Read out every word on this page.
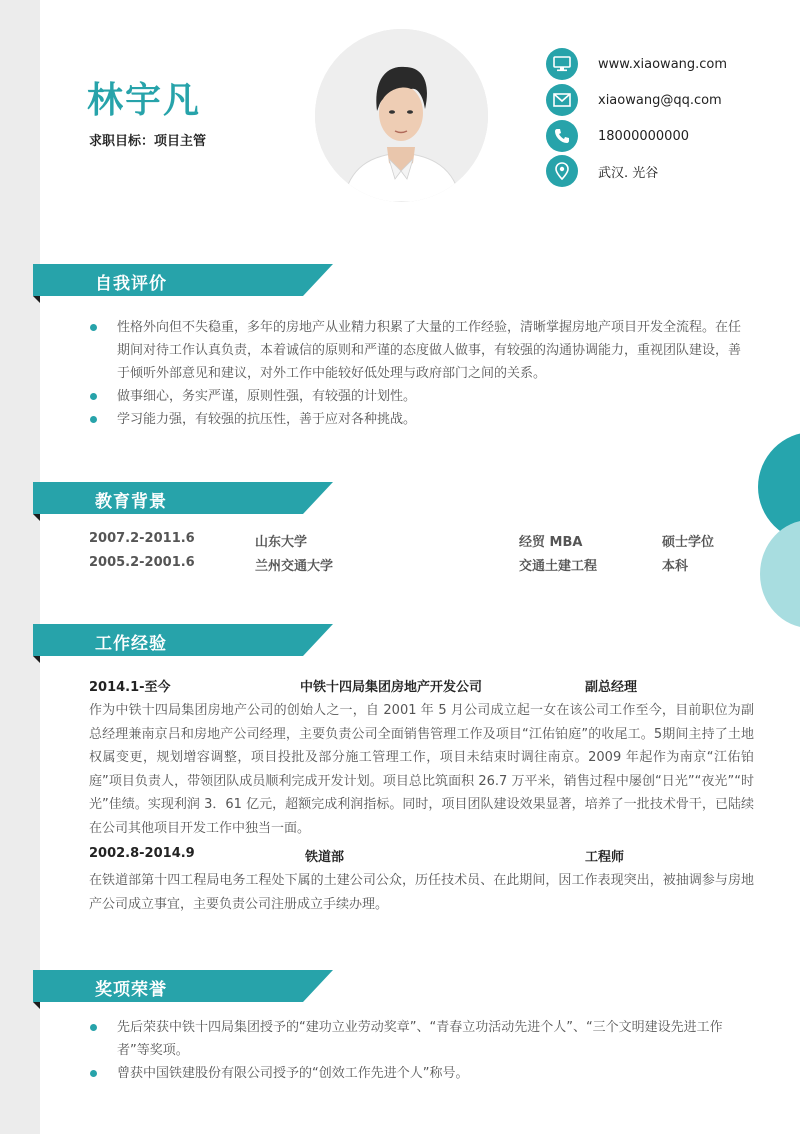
林宇凡
求职目标：项目主管
www.xiaowang.com
xiaowang@qq.com
18000000000
武汉. 光谷
自我评价
性格外向但不失稳重，多年的房地产从业精力积累了大量的工作经验，清晰掌握房地产项目开发全流程。在任期间对待工作认真负责，本着诚信的原则和严谨的态度做人做事，有较强的沟通协调能力，重视团队建设，善于倾听外部意见和建议，对外工作中能较好低处理与政府部门之间的关系。
做事细心，务实严谨，原则性强，有较强的计划性。
学习能力强，有较强的抗压性，善于应对各种挑战。
教育背景
2007.2-2011.6	山东大学	经贸 MBA	硕士学位
2005.2-2001.6	兰州交通大学	交通土建工程	本科
工作经验
2014.1-至今	中铁十四局集团房地产开发公司	副总经理
作为中铁十四局集团房地产公司的创始人之一，自 2001 年 5 月公司成立起一女在该公司工作至今，目前职位为副总经理兼南京吕和房地产公司经理，主要负责公司全面销售管理工作及项目“江佑铂庭”的收尾工。5期间主持了土地权属变更，规划增容调整，项目投批及部分施工管理工作，项目未结束时调往南京。2009 年起作为南京“江佑铂庭”项目负责人，带领团队成员顺利完成开发计划。项目总比筑面积 26.7 万平米，销售过程中屡创“日光”“夜光”“时光”佳绩。实现利润 3．61 亿元，超额完成利润指标。同时，项目团队建设效果显著，培养了一批技术骨干，已陆续在公司其他项目开发工作中独当一面。
2002.8-2014.9	铁道部	工程师
在铁道部第十四工程局电务工程处下属的土建公司公众，历任技术员、在此期间，因工作表现突出，被抽调参与房地产公司成立事宜，主要负责公司注册成立手续办理。
奖项荣誉
先后荣获中铁十四局集团授予的“建功立业劳动奖章”、“青春立功活动先进个人”、“三个文明建设先进工作者”等奖项。
曾获中国铁建股份有限公司授予的“创效工作先进个人”称号。
